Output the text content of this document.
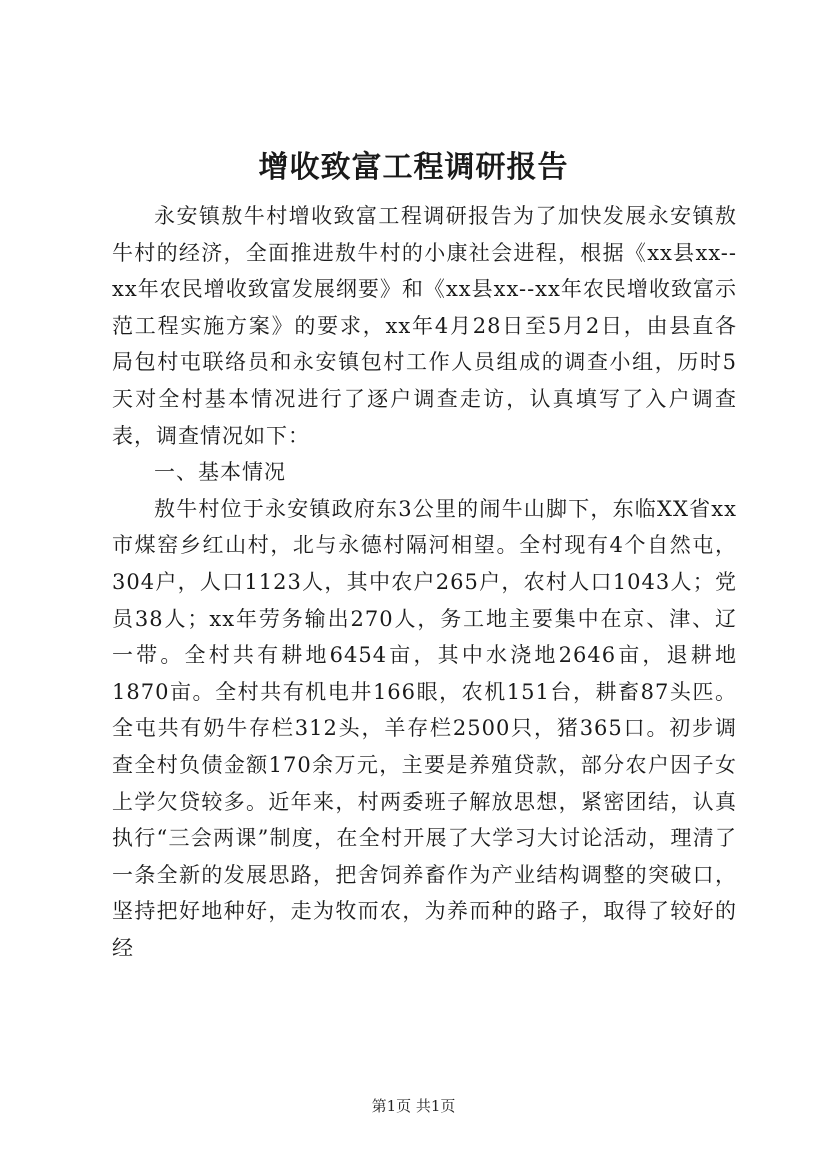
增收致富工程调研报告

永安镇敖牛村增收致富工程调研报告为了加快发展永安镇敖牛村的经济，全面推进敖牛村的小康社会进程，根据《xx县xx--xx年农民增收致富发展纲要》和《xx县xx--xx年农民增收致富示范工程实施方案》的要求，xx年4月28日至5月2日，由县直各局包村屯联络员和永安镇包村工作人员组成的调查小组，历时5天对全村基本情况进行了逐户调查走访，认真填写了入户调查表，调查情况如下：

一、基本情况

敖牛村位于永安镇政府东3公里的闹牛山脚下，东临XX省xx市煤窑乡红山村，北与永德村隔河相望。全村现有4个自然屯，304户，人口1123人，其中农户265户，农村人口1043人；党员38人；xx年劳务输出270人，务工地主要集中在京、津、辽一带。全村共有耕地6454亩，其中水浇地2646亩，退耕地1870亩。全村共有机电井166眼，农机151台，耕畜87头匹。全屯共有奶牛存栏312头，羊存栏2500只，猪365口。初步调查全村负债金额170余万元，主要是养殖贷款，部分农户因子女上学欠贷较多。近年来，村两委班子解放思想，紧密团结，认真执行“三会两课”制度，在全村开展了大学习大讨论活动，理清了一条全新的发展思路，把舍饲养畜作为产业结构调整的突破口，坚持把好地种好，走为牧而农，为养而种的路子，取得了较好的经

第1页 共1页
